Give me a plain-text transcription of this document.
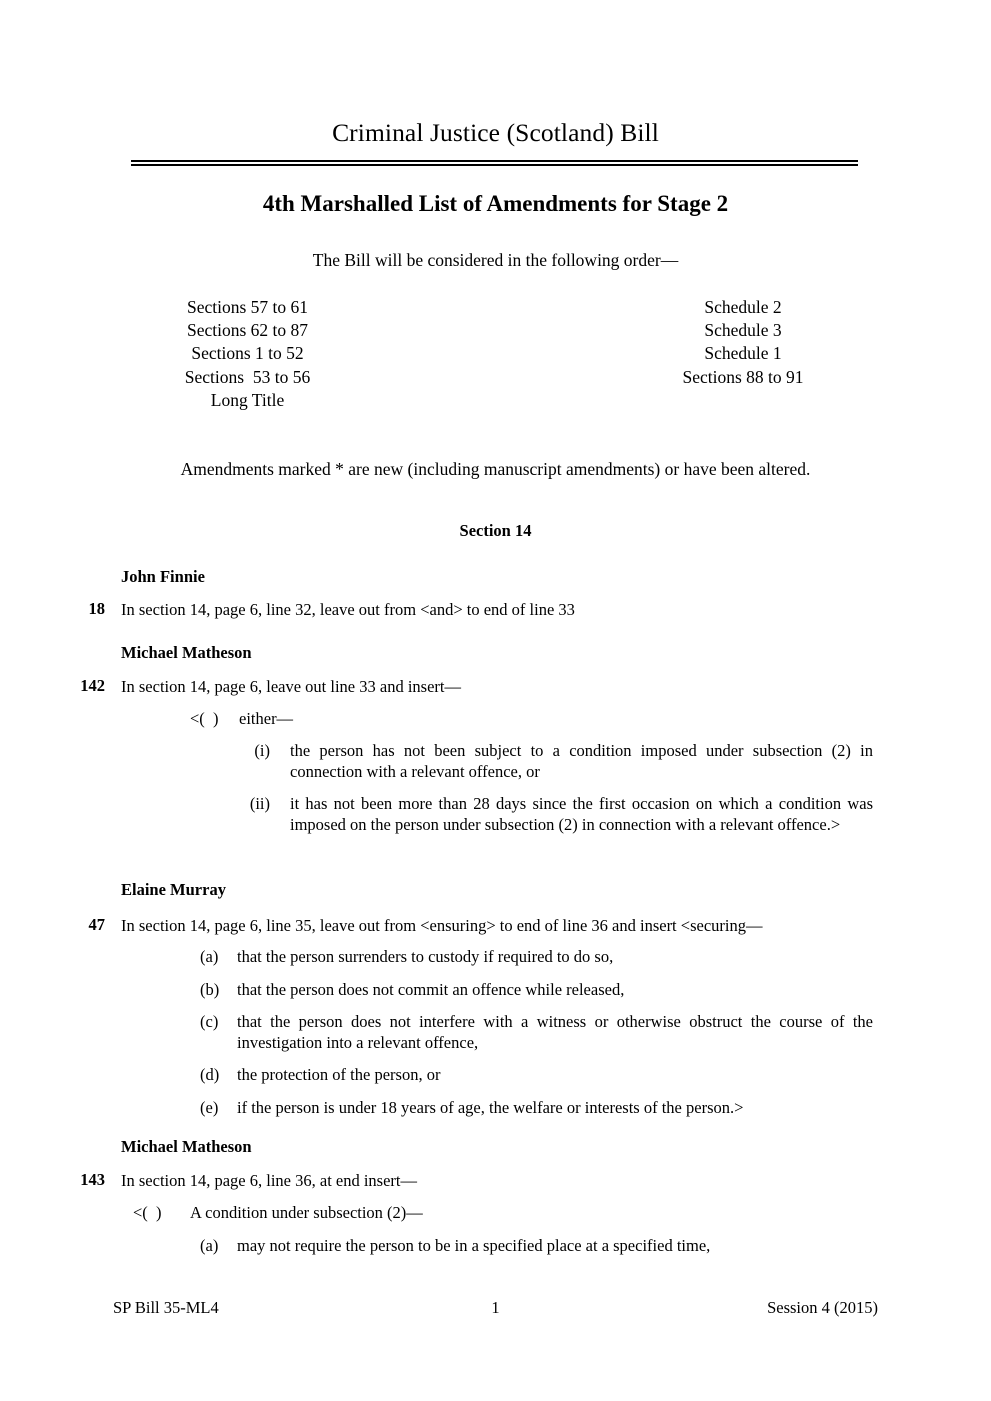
Criminal Justice (Scotland) Bill
4th Marshalled List of Amendments for Stage 2
The Bill will be considered in the following order—
Sections 57 to 61	Schedule 2
Sections 62 to 87	Schedule 3
Sections 1 to 52	Schedule 1
Sections  53 to 56	Sections 88 to 91
Long Title
Amendments marked * are new (including manuscript amendments) or have been altered.
Section 14
John Finnie
18 In section 14, page 6, line 32, leave out from <and> to end of line 33
Michael Matheson
142 In section 14, page 6, leave out line 33 and insert—
<(  ) either—
(i) the person has not been subject to a condition imposed under subsection (2) in connection with a relevant offence, or
(ii) it has not been more than 28 days since the first occasion on which a condition was imposed on the person under subsection (2) in connection with a relevant offence.>
Elaine Murray
47 In section 14, page 6, line 35, leave out from <ensuring> to end of line 36 and insert <securing—
(a)	that the person surrenders to custody if required to do so,
(b)	that the person does not commit an offence while released,
(c)	that the person does not interfere with a witness or otherwise obstruct the course of the investigation into a relevant offence,
(d)	the protection of the person, or
(e)	if the person is under 18 years of age, the welfare or interests of the person.>
Michael Matheson
143 In section 14, page 6, line 36, at end insert—
<(  ) A condition under subsection (2)—
(a)	may not require the person to be in a specified place at a specified time,
SP Bill 35-ML4	1	Session 4 (2015)
